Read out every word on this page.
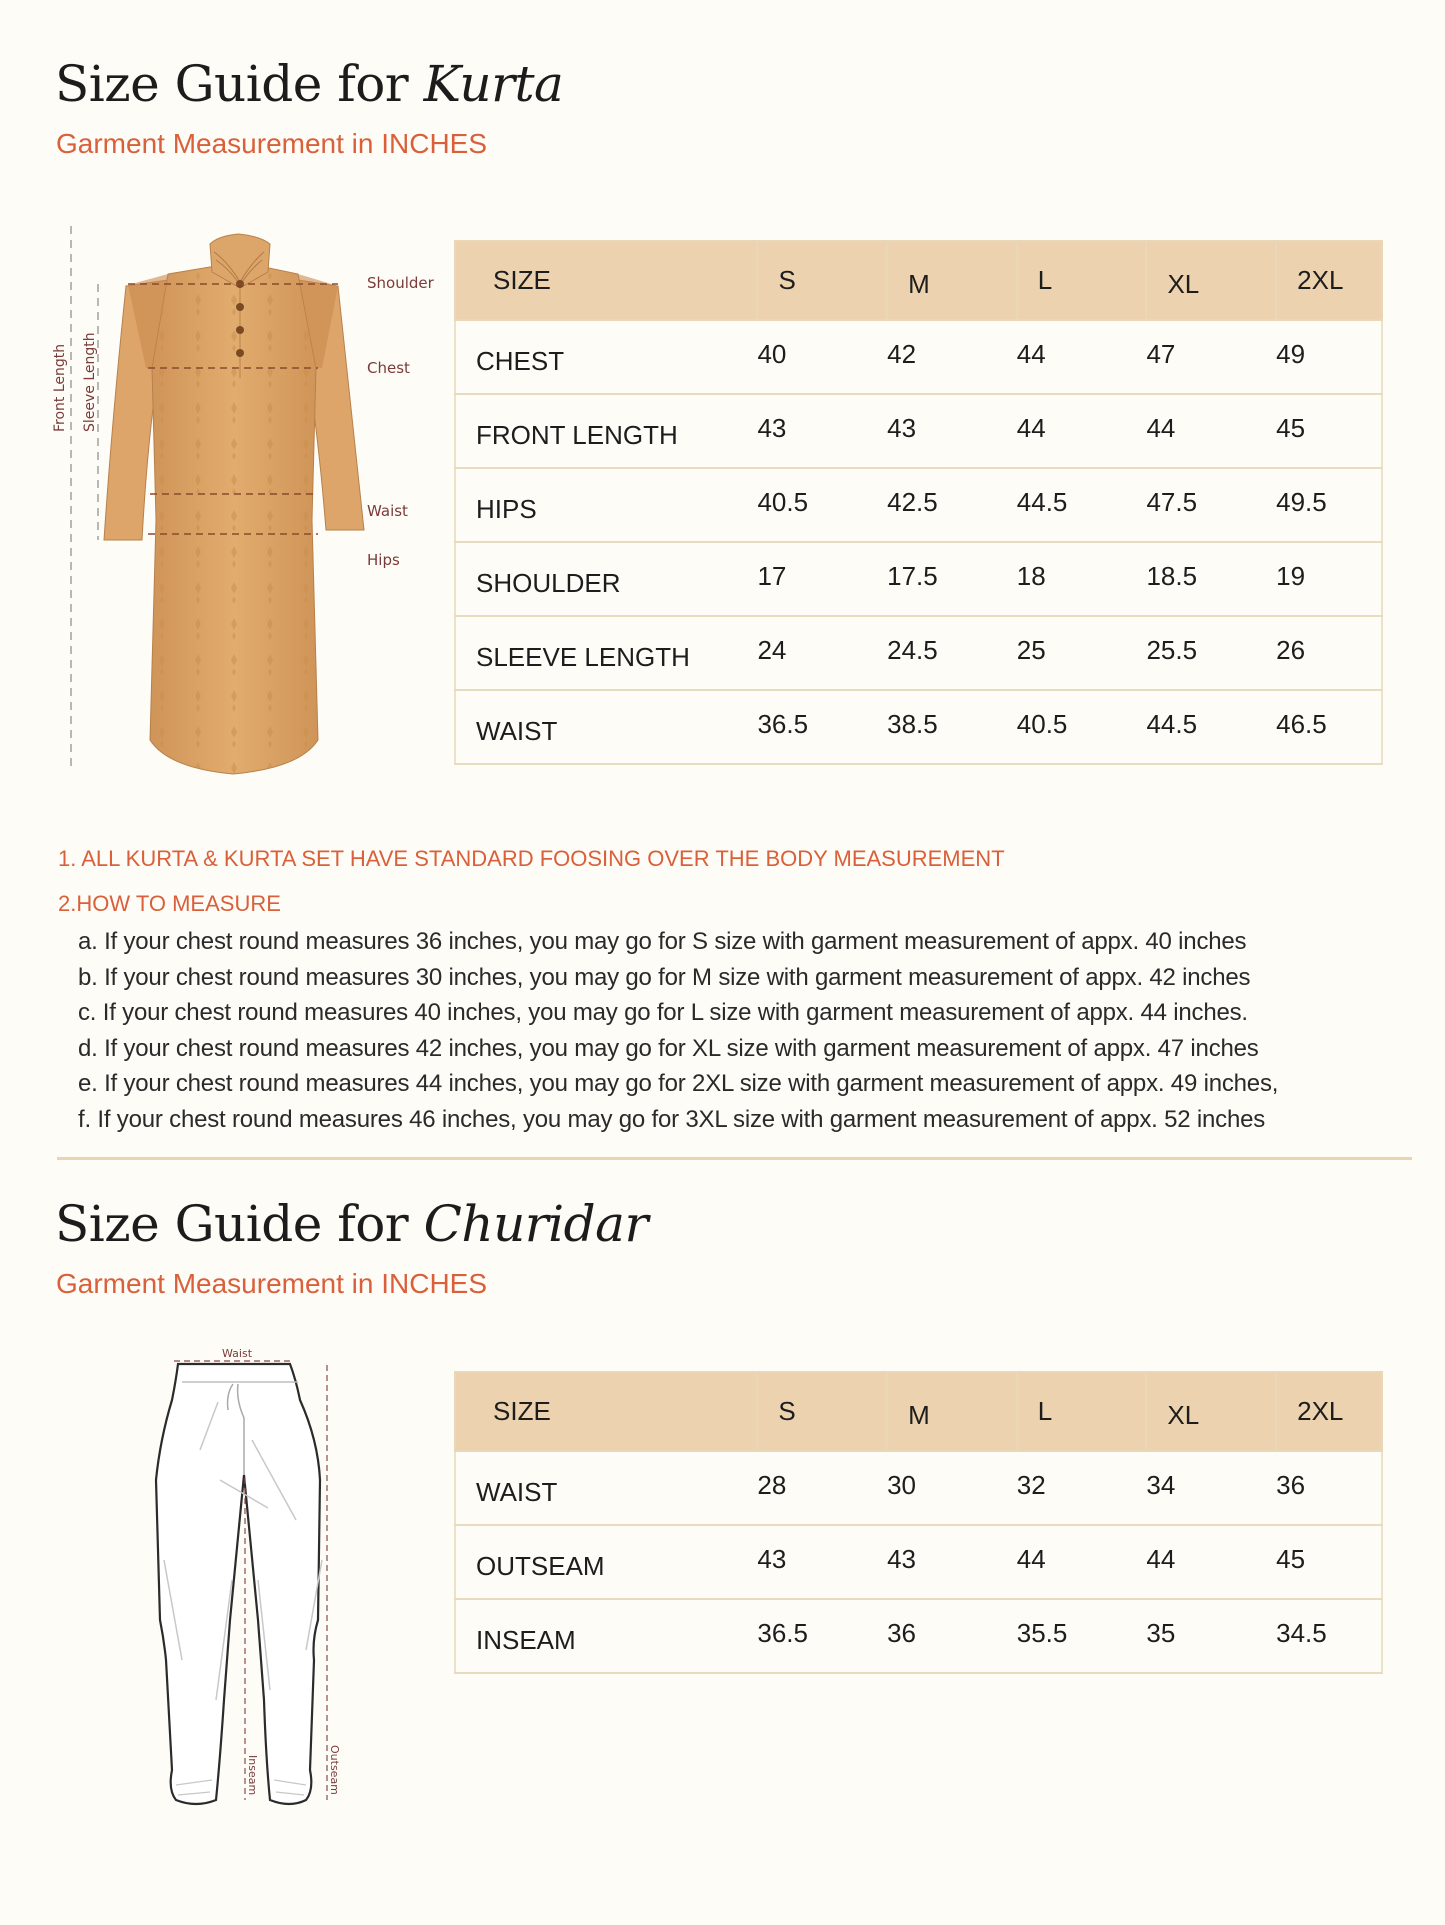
Size Guide for Kurta
Garment Measurement in INCHES
Shoulder
Chest
Waist
Hips
Front Length Sleeve Length
SIZE	S	M	L	XL	2XL
CHEST	40	42	44	47	49
FRONT LENGTH	43	43	44	44	45
HIPS	40.5	42.5	44.5	47.5	49.5
SHOULDER	17	17.5	18	18.5	19
SLEEVE LENGTH	24	24.5	25	25.5	26
WAIST	36.5	38.5	40.5	44.5	46.5
1. ALL KURTA & KURTA SET HAVE STANDARD FOOSING OVER THE BODY MEASUREMENT
2.HOW TO MEASURE
a. If your chest round measures 36 inches, you may go for S size with garment measurement of appx. 40 inches
b. If your chest round measures 30 inches, you may go for M size with garment measurement of appx. 42 inches
c. If your chest round measures 40 inches, you may go for L size with garment measurement of appx. 44 inches.
d. If your chest round measures 42 inches, you may go for XL size with garment measurement of appx. 47 inches
e. If your chest round measures 44 inches, you may go for 2XL size with garment measurement of appx. 49 inches,
f. If your chest round measures 46 inches, you may go for 3XL size with garment measurement of appx. 52 inches
Size Guide for Churidar
Garment Measurement in INCHES
Waist
Inseam	Outseam
SIZE	S	M	L	XL	2XL
WAIST	28	30	32	34	36
OUTSEAM	43	43	44	44	45
INSEAM	36.5	36	35.5	35	34.5
